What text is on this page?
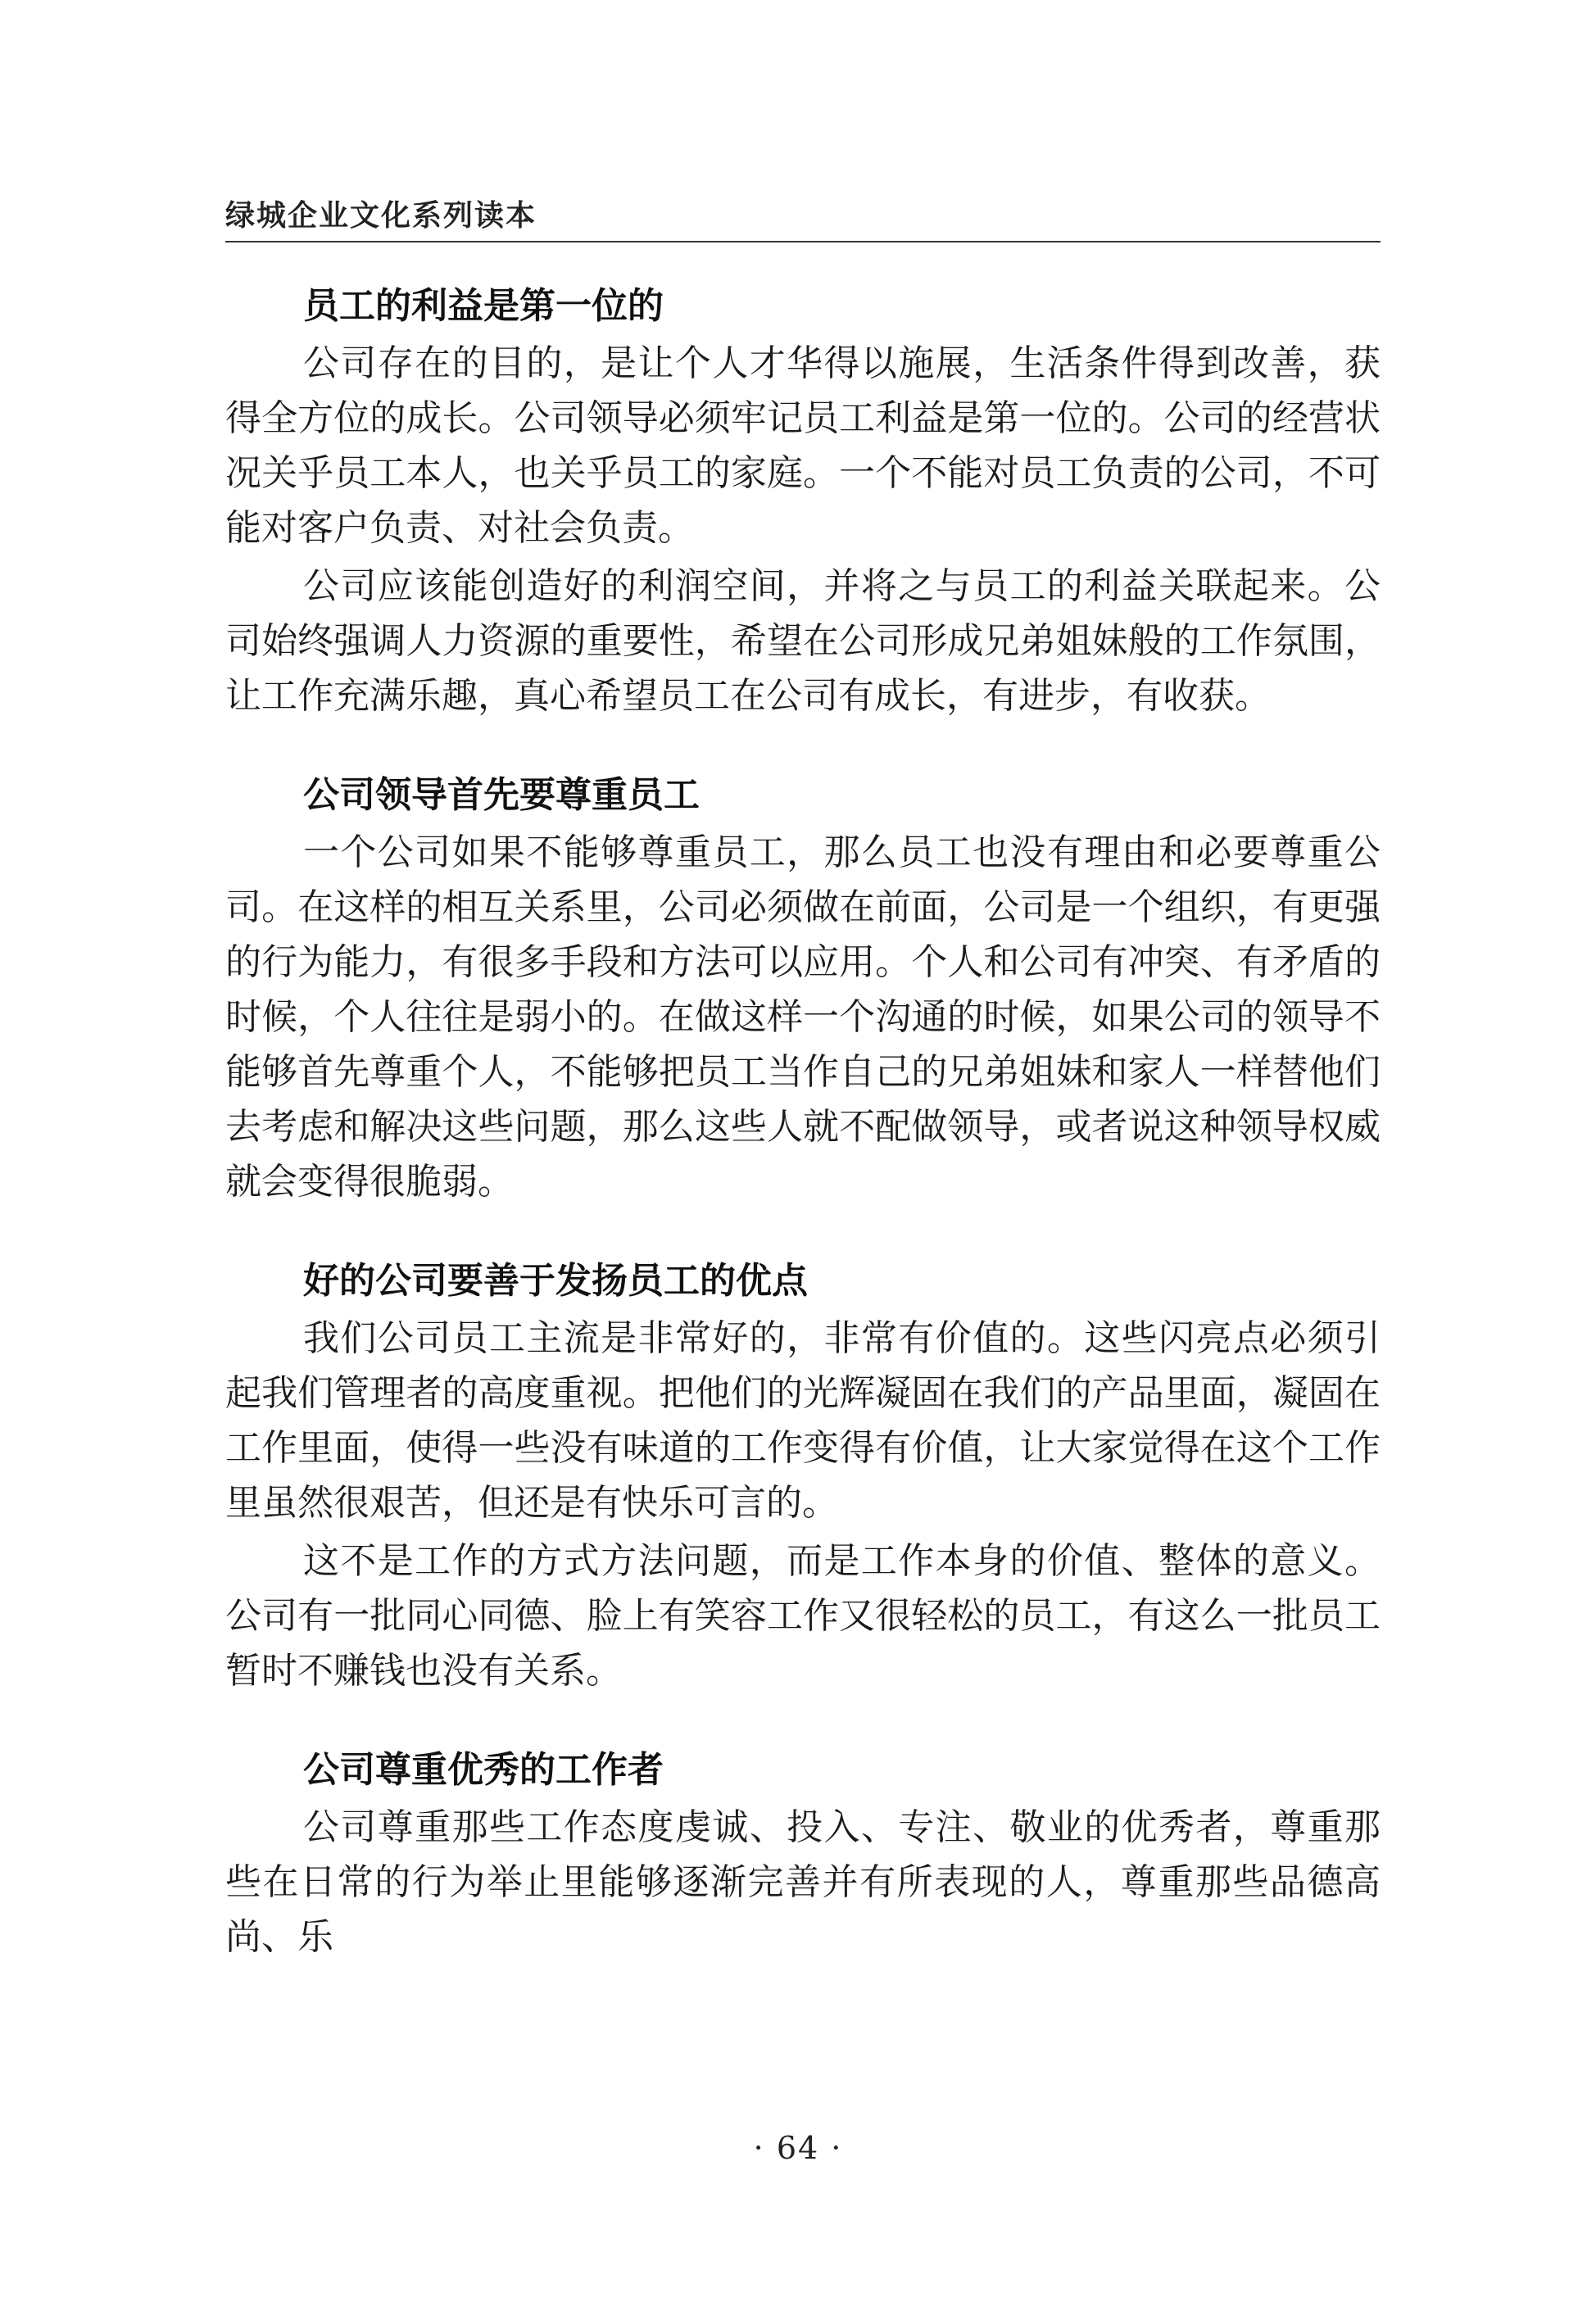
绿城企业文化系列读本
员工的利益是第一位的

公司存在的目的，是让个人才华得以施展，生活条件得到改善，获得全方位的成长。公司领导必须牢记员工利益是第一位的。公司的经营状况关乎员工本人，也关乎员工的家庭。一个不能对员工负责的公司，不可能对客户负责、对社会负责。

公司应该能创造好的利润空间，并将之与员工的利益关联起来。公司始终强调人力资源的重要性，希望在公司形成兄弟姐妹般的工作氛围，让工作充满乐趣，真心希望员工在公司有成长，有进步，有收获。

公司领导首先要尊重员工

一个公司如果不能够尊重员工，那么员工也没有理由和必要尊重公司。在这样的相互关系里，公司必须做在前面，公司是一个组织，有更强的行为能力，有很多手段和方法可以应用。个人和公司有冲突、有矛盾的时候，个人往往是弱小的。在做这样一个沟通的时候，如果公司的领导不能够首先尊重个人，不能够把员工当作自己的兄弟姐妹和家人一样替他们去考虑和解决这些问题，那么这些人就不配做领导，或者说这种领导权威就会变得很脆弱。

好的公司要善于发扬员工的优点

我们公司员工主流是非常好的，非常有价值的。这些闪亮点必须引起我们管理者的高度重视。把他们的光辉凝固在我们的产品里面，凝固在工作里面，使得一些没有味道的工作变得有价值，让大家觉得在这个工作里虽然很艰苦，但还是有快乐可言的。

这不是工作的方式方法问题，而是工作本身的价值、整体的意义。公司有一批同心同德、脸上有笑容工作又很轻松的员工，有这么一批员工暂时不赚钱也没有关系。

公司尊重优秀的工作者

公司尊重那些工作态度虔诚、投入、专注、敬业的优秀者，尊重那些在日常的行为举止里能够逐渐完善并有所表现的人，尊重那些品德高尚、乐

· 64 ·
